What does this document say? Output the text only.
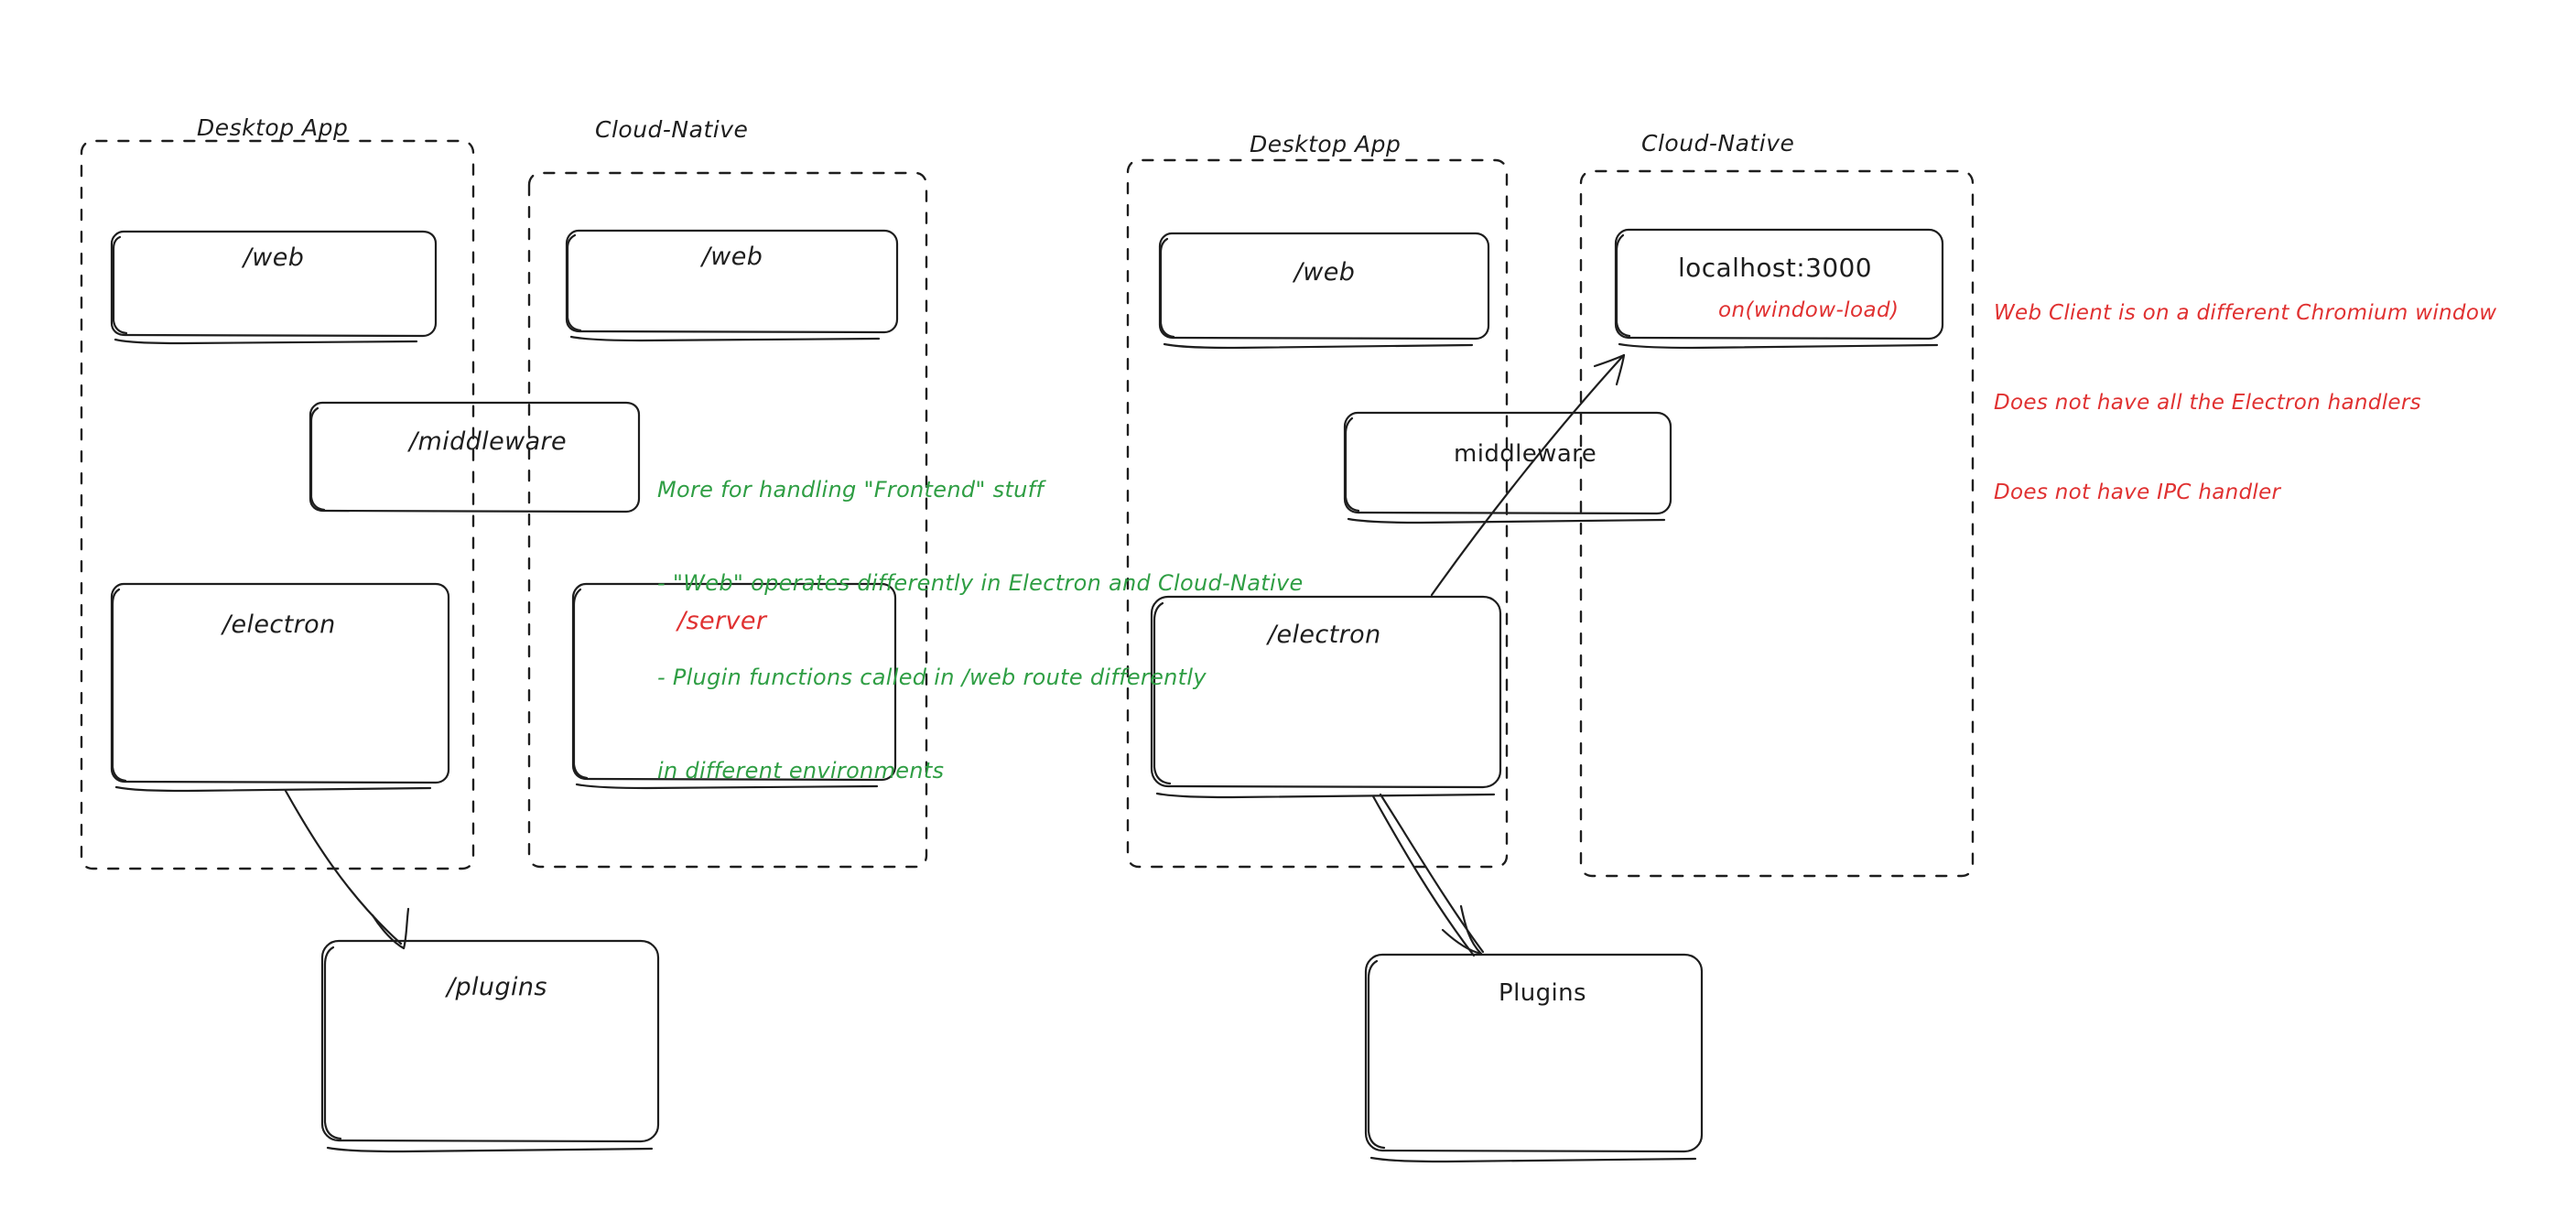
Desktop App	Cloud-Native
Desktop App	Cloud-Native
/web	/web
/middleware
/electron	/server
/plugins
/web	localhost:3000
on(window-load)
middleware
/electron
Plugins

More for handling "Frontend" stuff

- "Web" operates differently in Electron and Cloud-Native

- Plugin functions called in /web route differently

in different environments

Web Client is on a different Chromium window

Does not have all the Electron handlers

Does not have IPC handler
